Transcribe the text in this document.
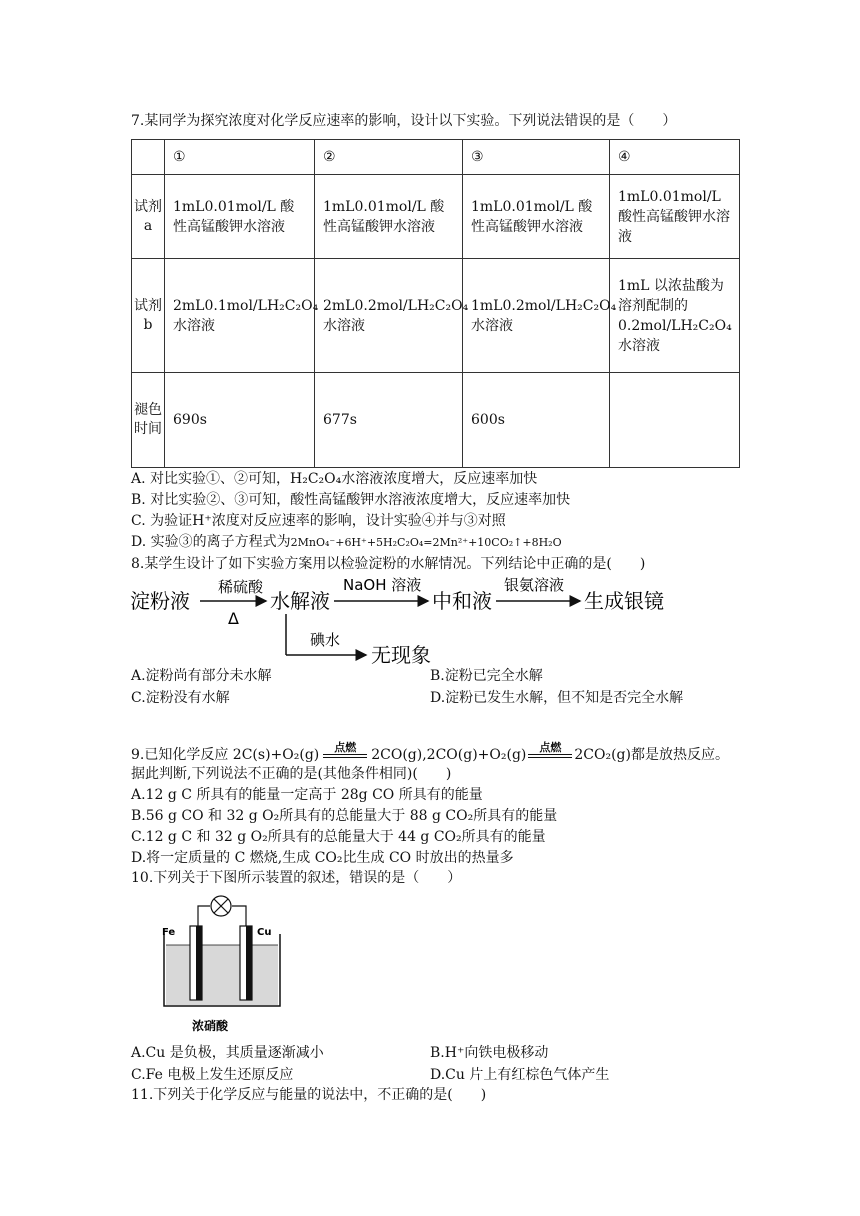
7.某同学为探究浓度对化学反应速率的影响，设计以下实验。下列说法错误的是（　　）
	①	②	③	④
试剂a	1mL0.01mol/L 酸性高锰酸钾水溶液	1mL0.01mol/L 酸性高锰酸钾水溶液	1mL0.01mol/L 酸性高锰酸钾水溶液	1mL0.01mol/L 酸性高锰酸钾水溶液
试剂b	2mL0.1mol/LH₂C₂O₄水溶液	2mL0.2mol/LH₂C₂O₄水溶液	1mL0.2mol/LH₂C₂O₄水溶液	1mL 以浓盐酸为溶剂配制的0.2mol/LH₂C₂O₄水溶液
褪色时间	690s	677s	600s	
A. 对比实验①、②可知，H₂C₂O₄水溶液浓度增大，反应速率加快
B. 对比实验②、③可知，酸性高锰酸钾水溶液浓度增大，反应速率加快
C. 为验证H⁺浓度对反应速率的影响，设计实验④并与③对照
D. 实验③的离子方程式为2MnO₄⁻+6H⁺+5H₂C₂O₄=2Mn²⁺+10CO₂↑+8H₂O
8.某学生设计了如下实验方案用以检验淀粉的水解情况。下列结论中正确的是(　　)
淀粉液
稀硫酸
Δ
水解液
NaOH 溶液
中和液
银氨溶液
生成银镜
碘水
无现象
A.淀粉尚有部分未水解	B.淀粉已完全水解
C.淀粉没有水解	D.淀粉已发生水解，但不知是否完全水解
9.已知化学反应 2C(s)+O₂(g)	点燃	2CO(g),2CO(g)+O₂(g)	点燃 2CO₂(g)都是放热反应。
据此判断,下列说法不正确的是(其他条件相同)(　　)
A.12 g C 所具有的能量一定高于 28g CO 所具有的能量
B.56 g CO 和 32 g O₂所具有的总能量大于 88 g CO₂所具有的能量
C.12 g C 和 32 g O₂所具有的总能量大于 44 g CO₂所具有的能量
D.将一定质量的 C 燃烧,生成 CO₂比生成 CO 时放出的热量多
10.下列关于下图所示装置的叙述，错误的是（　　）
Fe	Cu
浓硝酸
A.Cu 是负极，其质量逐渐减小	B.H⁺向铁电极移动
C.Fe 电极上发生还原反应	D.Cu 片上有红棕色气体产生
11.下列关于化学反应与能量的说法中，不正确的是(　　)
